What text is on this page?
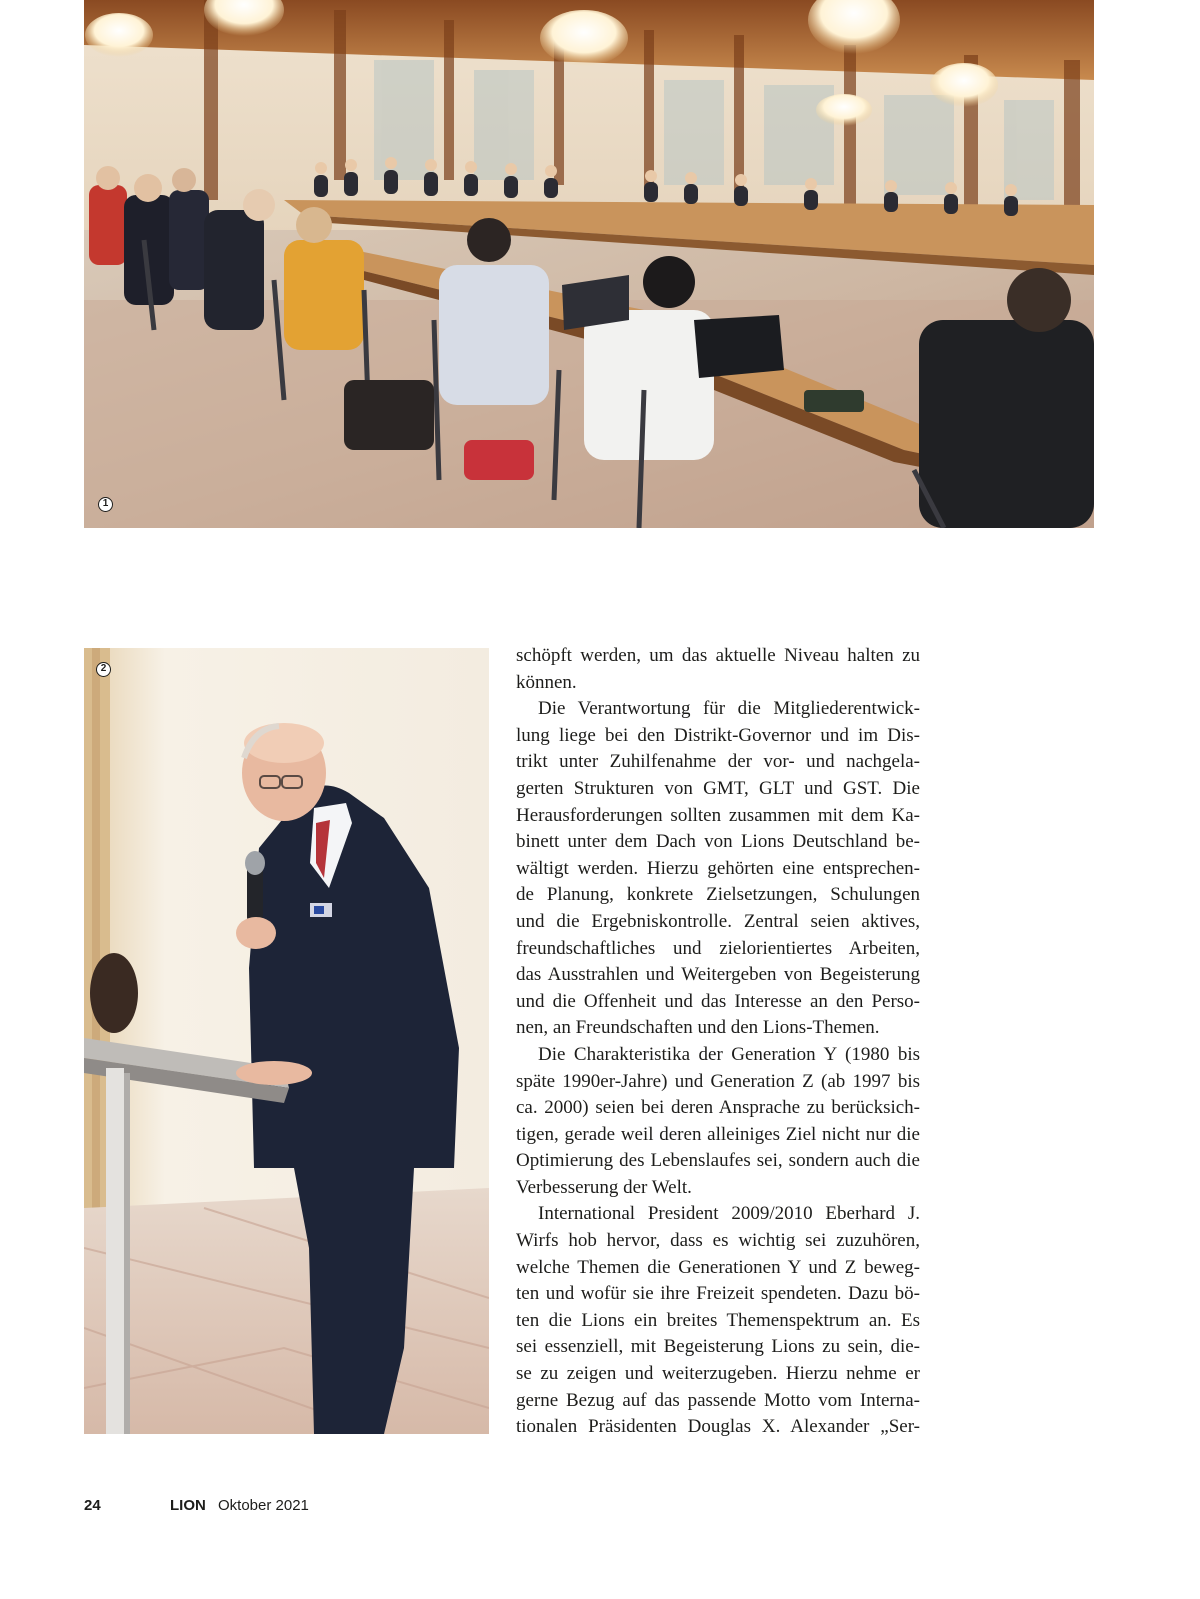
1
2

schöpft werden, um das aktuelle Niveau halten zu
können.

Die Verantwortung für die Mitgliederentwick-
lung liege bei den Distrikt-Governor und im Dis-
trikt unter Zuhilfenahme der vor- und nachgela-
gerten Strukturen von GMT, GLT und GST. Die
Herausforderungen sollten zusammen mit dem Ka-
binett unter dem Dach von Lions Deutschland be-
wältigt werden. Hierzu gehörten eine entsprechen-
de Planung, konkrete Zielsetzungen, Schulungen
und die Ergebniskontrolle. Zentral seien aktives,
freundschaftliches und zielorientiertes Arbeiten,
das Ausstrahlen und Weitergeben von Begeisterung
und die Offenheit und das Interesse an den Perso-
nen, an Freundschaften und den Lions-Themen.

Die Charakteristika der Generation Y (1980 bis
späte 1990er-Jahre) und Generation Z (ab 1997 bis
ca. 2000) seien bei deren Ansprache zu berücksich-
tigen, gerade weil deren alleiniges Ziel nicht nur die
Optimierung des Lebenslaufes sei, sondern auch die
Verbesserung der Welt.

International President 2009/2010 Eberhard J.
Wirfs hob hervor, dass es wichtig sei zuzuhören,
welche Themen die Generationen Y und Z beweg-
ten und wofür sie ihre Freizeit spendeten. Dazu bö-
ten die Lions ein breites Themenspektrum an. Es
sei essenziell, mit Begeisterung Lions zu sein, die-
se zu zeigen und weiterzugeben. Hierzu nehme er
gerne Bezug auf das passende Motto vom Interna-
tionalen Präsidenten Douglas X. Alexander „Ser-

24	LION Oktober 2021
